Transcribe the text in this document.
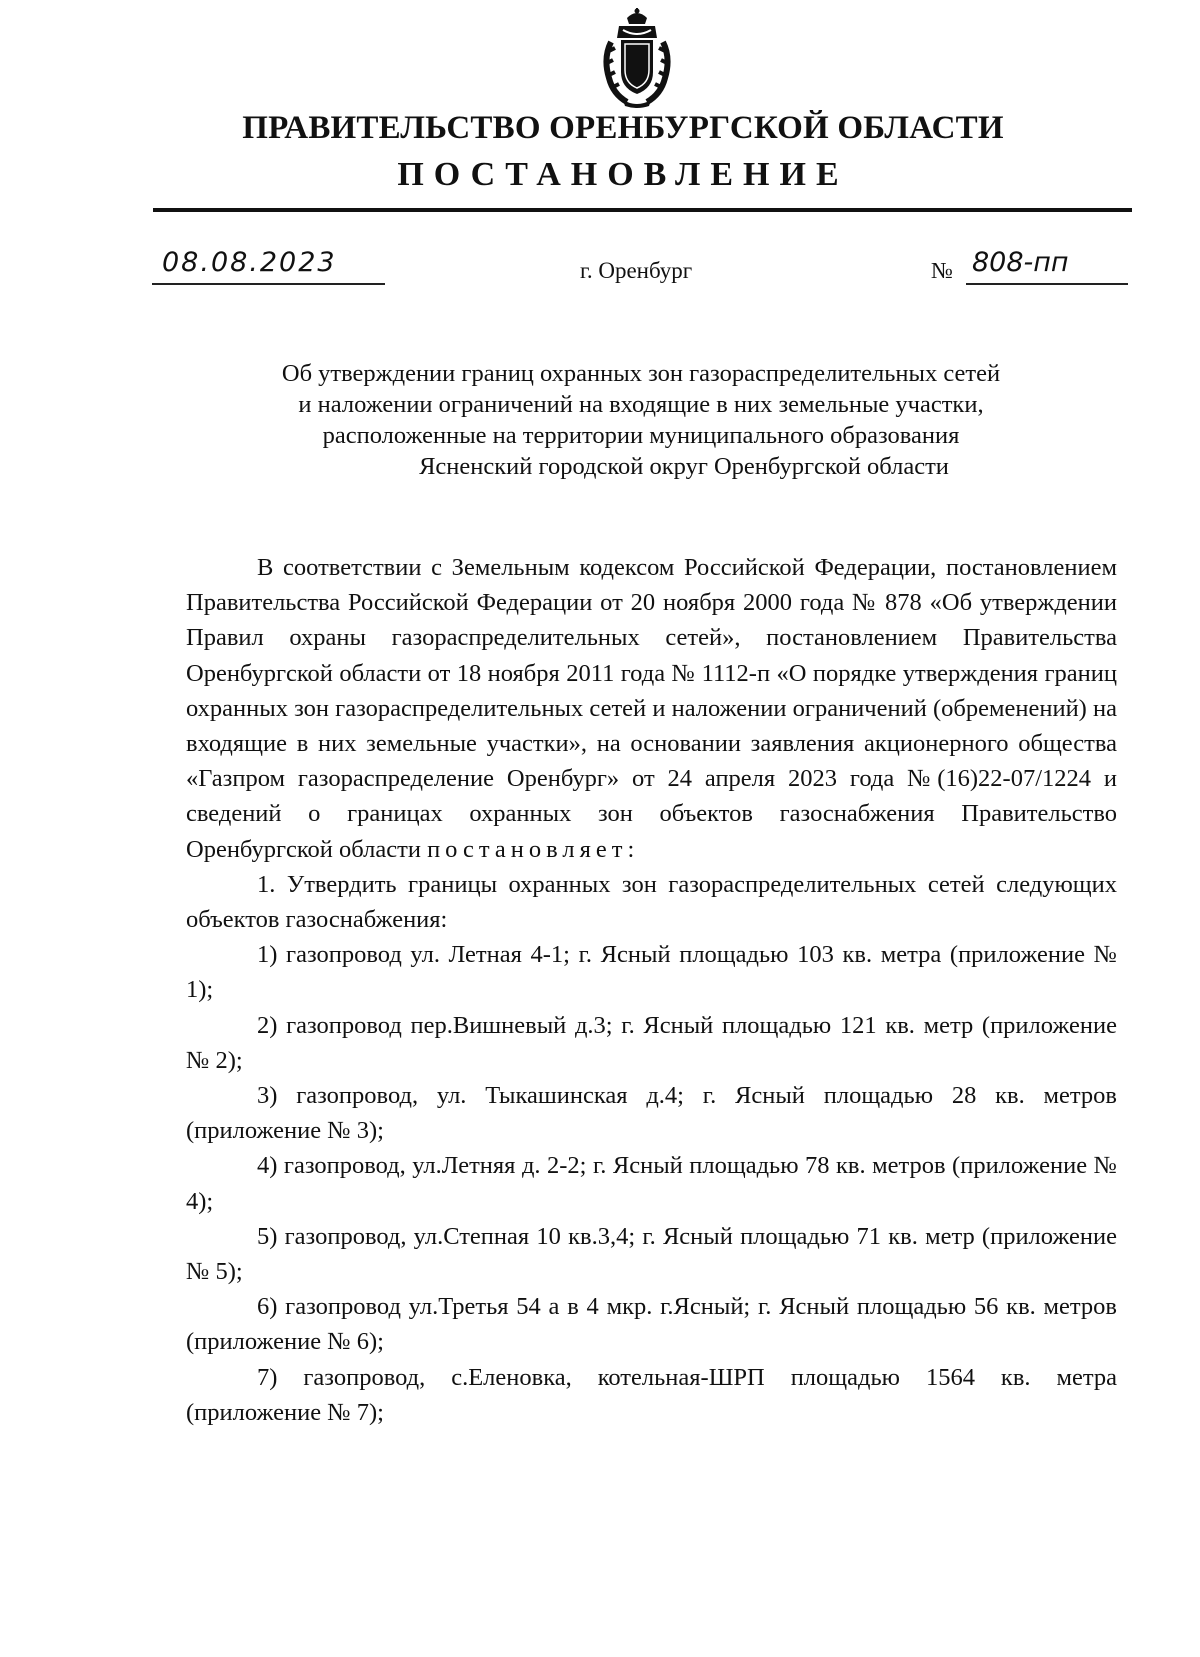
ПРАВИТЕЛЬСТВО ОРЕНБУРГСКОЙ ОБЛАСТИ
ПОСТАНОВЛЕНИЕ
08.08.2023	г. Оренбург	№ 808-пп
Об утверждении границ охранных зон газораспределительных сетей
и наложении ограничений на входящие в них земельные участки,
расположенные на территории муниципального образования
Ясненский городской округ Оренбургской области

В соответствии с Земельным кодексом Российской Федерации, постановлением Правительства Российской Федерации от 20 ноября 2000 года № 878 «Об утверждении Правил охраны газораспределительных сетей», постановлением Правительства Оренбургской области от 18 ноября 2011 года № 1112-п «О порядке утверждения границ охранных зон газораспределительных сетей и наложении ограничений (обременений) на входящие в них земельные участки», на основании заявления акционерного общества «Газпром газораспределение Оренбург» от 24 апреля 2023 года №(16)22-07/1224 и сведений о границах охранных зон объектов газоснабжения Правительство Оренбургской области постановляет:

1. Утвердить границы охранных зон газораспределительных сетей следующих объектов газоснабжения:

1) газопровод ул. Летная 4-1; г. Ясный площадью 103 кв. метра (приложение № 1);

2) газопровод пер.Вишневый д.3; г. Ясный площадью 121 кв. метр (приложение № 2);

3) газопровод, ул. Тыкашинская д.4; г. Ясный площадью 28 кв. метров (приложение № 3);

4) газопровод, ул.Летняя д. 2-2; г. Ясный площадью 78 кв. метров (приложение № 4);

5) газопровод, ул.Степная 10 кв.3,4; г. Ясный площадью 71 кв. метр (приложение № 5);

6) газопровод ул.Третья 54 а в 4 мкр. г.Ясный; г. Ясный площадью 56 кв. метров (приложение № 6);

7) газопровод, с.Еленовка, котельная-ШРП площадью 1564 кв. метра (приложение № 7);
